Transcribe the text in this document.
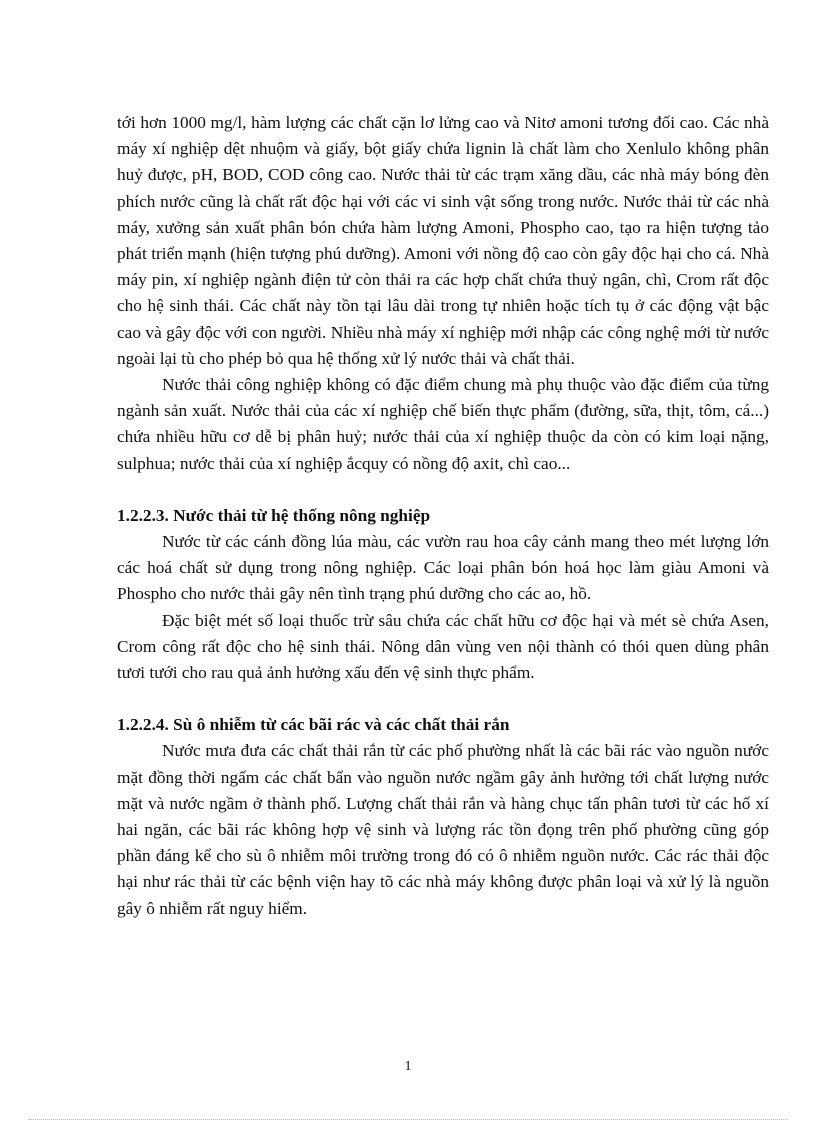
tới hơn 1000 mg/l, hàm lượng các chất cặn lơ lửng cao và Nitơ amoni tương đối cao. Các nhà máy xí nghiệp dệt nhuộm và giấy, bột giấy chứa lignin là chất làm cho Xenlulo không phân huỷ được, pH, BOD, COD công cao. Nước thải từ các trạm xăng dầu, các nhà máy bóng đèn phích nước cũng là chất rất độc hại với các vi sinh vật sống trong nước. Nước thải từ các nhà máy, xưởng sản xuất phân bón chứa hàm lượng Amoni, Phospho cao, tạo ra hiện tượng tảo phát triển mạnh (hiện tượng phú dưỡng). Amoni với nồng độ cao còn gây độc hại cho cá. Nhà máy pin, xí nghiệp ngành điện tử còn thải ra các hợp chất chứa thuỷ ngân, chì, Crom rất độc cho hệ sinh thái. Các chất này tồn tại lâu dài trong tự nhiên hoặc tích tụ ở các động vật bậc cao và gây độc với con người. Nhiều nhà máy xí nghiệp mới nhập các công nghệ mới từ nước ngoài lại tù cho phép bỏ qua hệ thống xử lý nước thải và chất thải.

Nước thải công nghiệp không có đặc điểm chung mà phụ thuộc vào đặc điểm của từng ngành sản xuất. Nước thải của các xí nghiệp chế biến thực phẩm (đường, sữa, thịt, tôm, cá...) chứa nhiều hữu cơ dễ bị phân huỷ; nước thải của xí nghiệp thuộc da còn có kim loại nặng, sulphua; nước thải của xí nghiệp ắcquy có nồng độ axit, chì cao...

1.2.2.3. Nước thải từ hệ thống nông nghiệp

Nước từ các cánh đồng lúa màu, các vườn rau hoa cây cảnh mang theo mét lượng lớn các hoá chất sử dụng trong nông nghiệp. Các loại phân bón hoá học làm giàu Amoni và Phospho cho nước thải gây nên tình trạng phú dưỡng cho các ao, hồ.

Đặc biệt mét số loại thuốc trừ sâu chứa các chất hữu cơ độc hại và mét sè chứa Asen, Crom công rất độc cho hệ sinh thái. Nông dân vùng ven nội thành có thói quen dùng phân tươi tưới cho rau quả ảnh hưởng xấu đến vệ sinh thực phẩm.

1.2.2.4. Sù ô nhiễm từ các bãi rác và các chất thải rắn

Nước mưa đưa các chất thải rắn từ các phố phường nhất là các bãi rác vào nguồn nước mặt đồng thời ngấm các chất bẩn vào nguồn nước ngầm gây ảnh hưởng tới chất lượng nước mặt và nước ngầm ở thành phố. Lượng chất thải rắn và hàng chục tấn phân tươi từ các hố xí hai ngăn, các bãi rác không hợp vệ sinh và lượng rác tồn đọng trên phố phường cũng góp phần đáng kể cho sù ô nhiễm môi trường trong đó có ô nhiễm nguồn nước. Các rác thải độc hại như rác thải từ các bệnh viện hay tõ các nhà máy không được phân loại và xử lý là nguồn gây ô nhiễm rất nguy hiểm.

1
